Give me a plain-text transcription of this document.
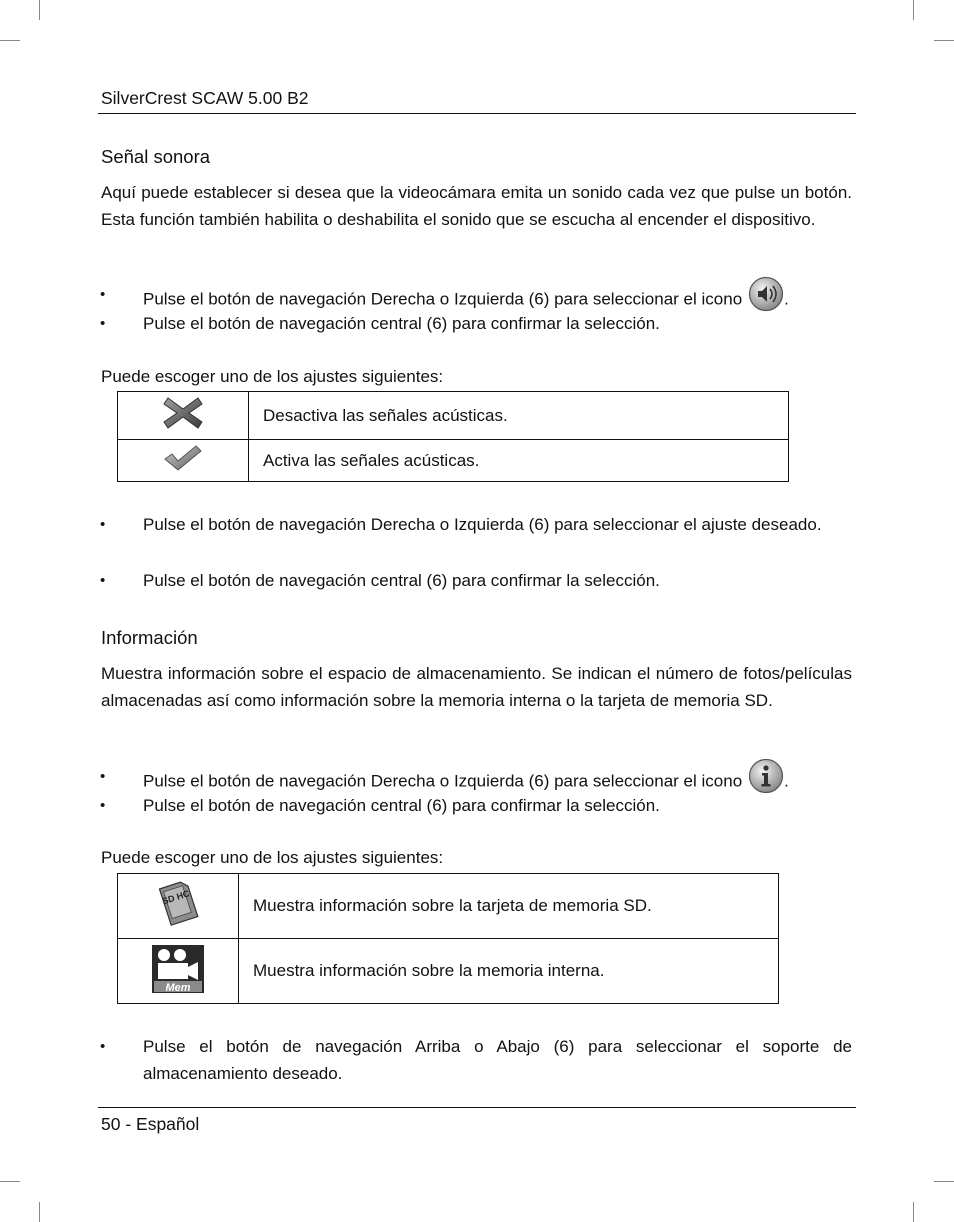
SilverCrest SCAW 5.00 B2
Señal sonora
Aquí puede establecer si desea que la videocámara emita un sonido cada vez que pulse un botón. Esta función también habilita o deshabilita el sonido que se escucha al encender el dispositivo.
• Pulse el botón de navegación Derecha o Izquierda (6) para seleccionar el icono .
• Pulse el botón de navegación central (6) para confirmar la selección.
Puede escoger uno de los ajustes siguientes:
	Desactiva las señales acústicas.
	Activa las señales acústicas.
• Pulse el botón de navegación Derecha o Izquierda (6) para seleccionar el ajuste deseado.
• Pulse el botón de navegación central (6) para confirmar la selección.
Información
Muestra información sobre el espacio de almacenamiento. Se indican el número de fotos/películas almacenadas así como información sobre la memoria interna o la tarjeta de memoria SD.
• Pulse el botón de navegación Derecha o Izquierda (6) para seleccionar el icono .
• Pulse el botón de navegación central (6) para confirmar la selección.
Puede escoger uno de los ajustes siguientes:
SD HC	Muestra información sobre la tarjeta de memoria SD.

Mem	Muestra información sobre la memoria interna.
• Pulse el botón de navegación Arriba o Abajo (6) para seleccionar el soporte de almacenamiento deseado.
50 - Español
